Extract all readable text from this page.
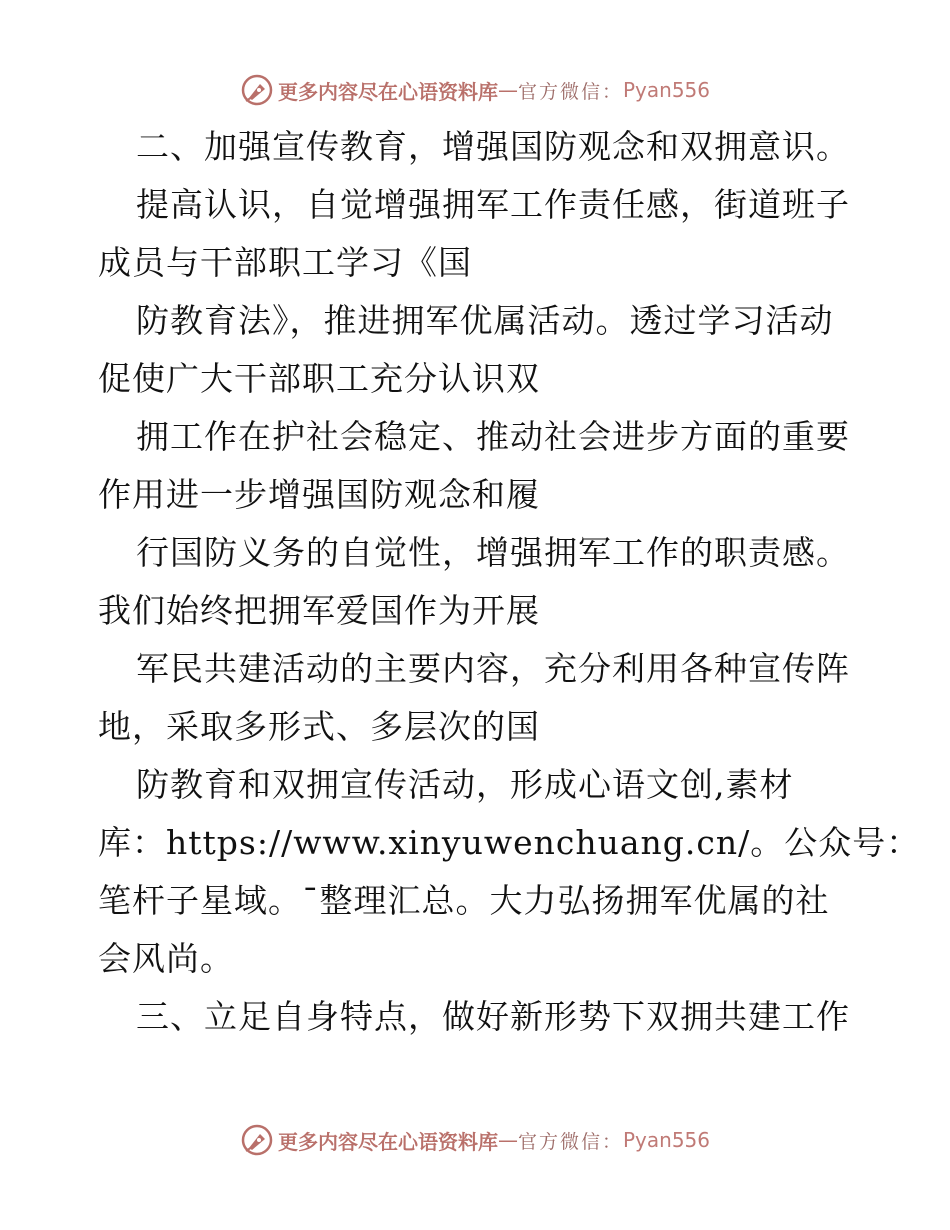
更多内容尽在心语资料库 — 官方微信： Pyan556
二、加强宣传教育，增强国防观念和双拥意识。
提高认识，自觉增强拥军工作责任感，街道班子
成员与干部职工学习《国
防教育法》，推进拥军优属活动。透过学习活动
促使广大干部职工充分认识双
拥工作在护社会稳定、推动社会进步方面的重要
作用进一步增强国防观念和履
行国防义务的自觉性，增强拥军工作的职责感。
我们始终把拥军爱国作为开展
军民共建活动的主要内容，充分利用各种宣传阵
地，采取多形式、多层次的国
防教育和双拥宣传活动，形成心语文创,素材
库：https://www.xinyuwenchuang.cn/。公众号：
笔杆子星域。¯整理汇总。大力弘扬拥军优属的社
会风尚。
三、立足自身特点，做好新形势下双拥共建工作
更多内容尽在心语资料库 — 官方微信： Pyan556
